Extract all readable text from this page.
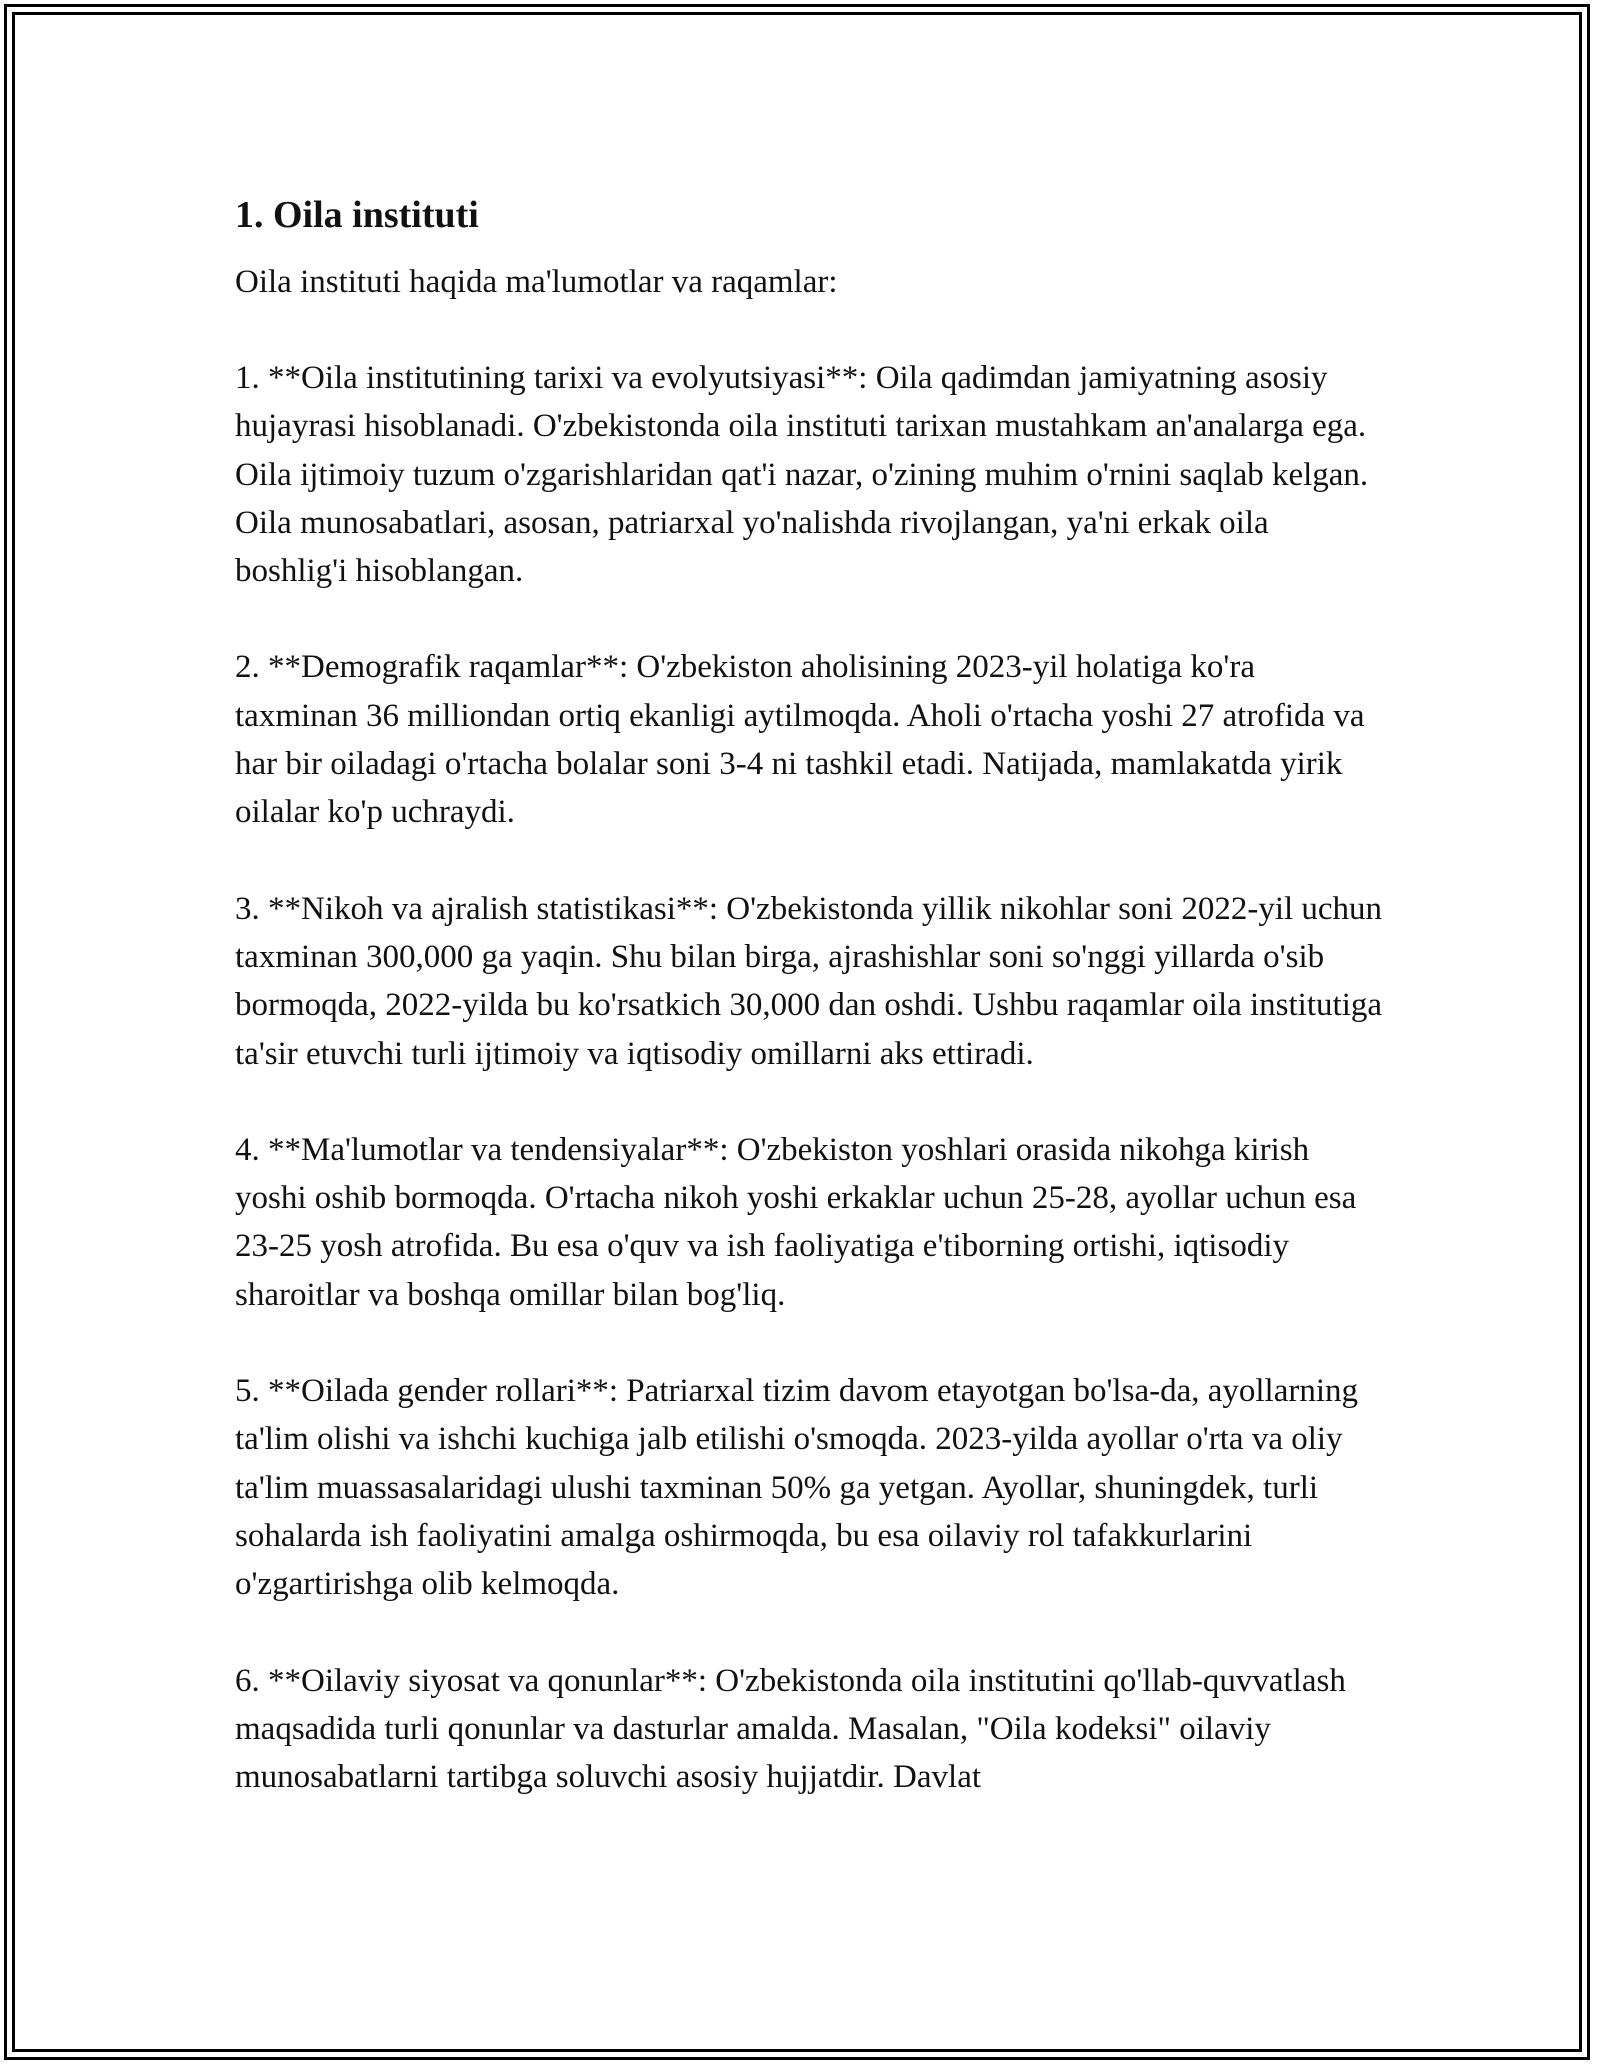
1. Oila instituti

Oila instituti haqida ma'lumotlar va raqamlar:

1. **Oila institutining tarixi va evolyutsiyasi**: Oila qadimdan jamiyatning asosiy hujayrasi hisoblanadi. O'zbekistonda oila instituti tarixan mustahkam an'analarga ega. Oila ijtimoiy tuzum o'zgarishlaridan qat'i nazar, o'zining muhim o'rnini saqlab kelgan. Oila munosabatlari, asosan, patriarxal yo'nalishda rivojlangan, ya'ni erkak oila boshlig'i hisoblangan.

2. **Demografik raqamlar**: O'zbekiston aholisining 2023-yil holatiga ko'ra taxminan 36 milliondan ortiq ekanligi aytilmoqda. Aholi o'rtacha yoshi 27 atrofida va har bir oiladagi o'rtacha bolalar soni 3-4 ni tashkil etadi. Natijada, mamlakatda yirik oilalar ko'p uchraydi.

3. **Nikoh va ajralish statistikasi**: O'zbekistonda yillik nikohlar soni 2022-yil uchun taxminan 300,000 ga yaqin. Shu bilan birga, ajrashishlar soni so'nggi yillarda o'sib bormoqda, 2022-yilda bu ko'rsatkich 30,000 dan oshdi. Ushbu raqamlar oila institutiga ta'sir etuvchi turli ijtimoiy va iqtisodiy omillarni aks ettiradi.

4. **Ma'lumotlar va tendensiyalar**: O'zbekiston yoshlari orasida nikohga kirish yoshi oshib bormoqda. O'rtacha nikoh yoshi erkaklar uchun 25-28, ayollar uchun esa 23-25 yosh atrofida. Bu esa o'quv va ish faoliyatiga e'tiborning ortishi, iqtisodiy sharoitlar va boshqa omillar bilan bog'liq.

5. **Oilada gender rollari**: Patriarxal tizim davom etayotgan bo'lsa-da, ayollarning ta'lim olishi va ishchi kuchiga jalb etilishi o'smoqda. 2023-yilda ayollar o'rta va oliy ta'lim muassasalaridagi ulushi taxminan 50% ga yetgan. Ayollar, shuningdek, turli sohalarda ish faoliyatini amalga oshirmoqda, bu esa oilaviy rol tafakkurlarini o'zgartirishga olib kelmoqda.

6. **Oilaviy siyosat va qonunlar**: O'zbekistonda oila institutini qo'llab-quvvatlash maqsadida turli qonunlar va dasturlar amalda. Masalan, "Oila kodeksi" oilaviy munosabatlarni tartibga soluvchi asosiy hujjatdir. Davlat
